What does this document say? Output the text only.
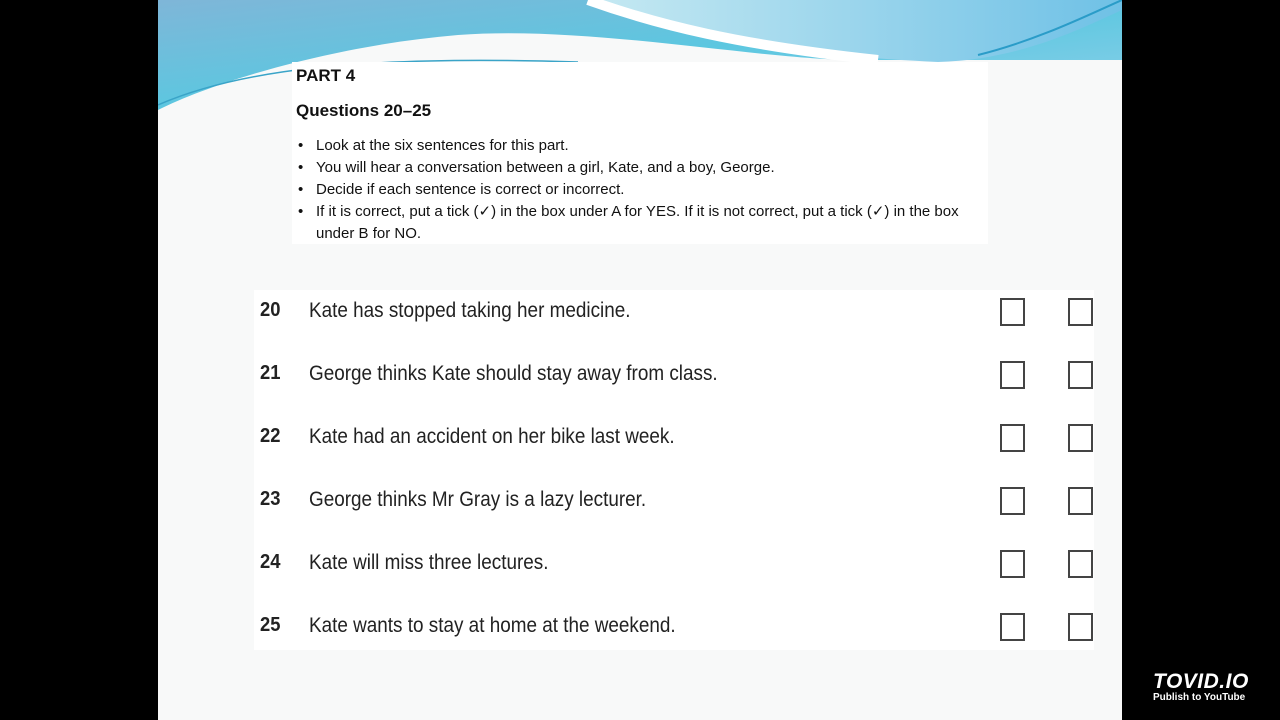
PART 4
Questions 20–25
• Look at the six sentences for this part.
• You will hear a conversation between a girl, Kate, and a boy, George.
• Decide if each sentence is correct or incorrect.
• If it is correct, put a tick (✓) in the box under A for YES. If it is not correct, put a tick (✓) in the box under B for NO.
20 Kate has stopped taking her medicine.
21 George thinks Kate should stay away from class.
22 Kate had an accident on her bike last week.
23 George thinks Mr Gray is a lazy lecturer.
24 Kate will miss three lectures.
25 Kate wants to stay at home at the weekend.
TOVID.IO
Publish to YouTube
